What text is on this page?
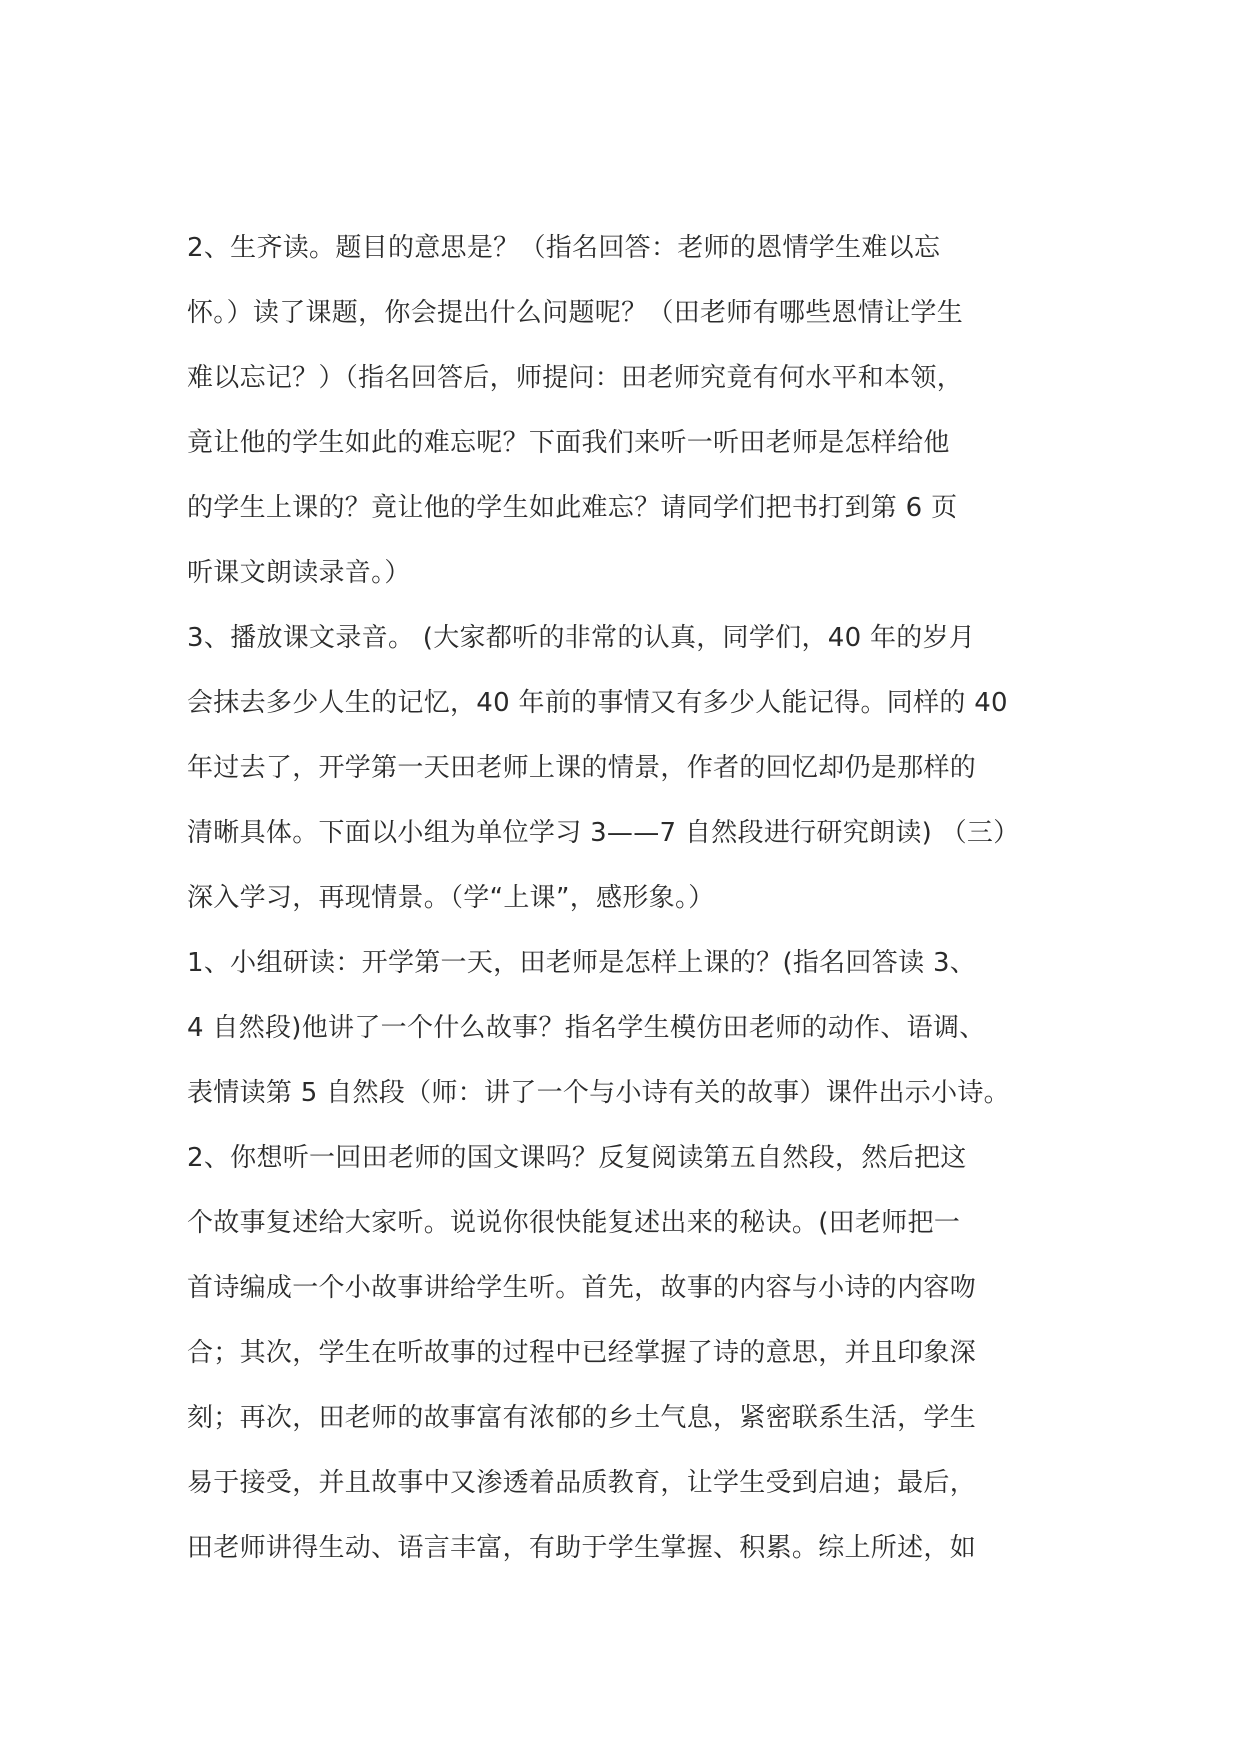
2、生齐读。题目的意思是？（指名回答：老师的恩情学生难以忘
怀。）读了课题，你会提出什么问题呢？（田老师有哪些恩情让学生
难以忘记？）（指名回答后，师提问：田老师究竟有何水平和本领，
竟让他的学生如此的难忘呢？下面我们来听一听田老师是怎样给他
的学生上课的？竟让他的学生如此难忘？请同学们把书打到第 6 页
听课文朗读录音。）
3、播放课文录音。 (大家都听的非常的认真，同学们，40 年的岁月
会抹去多少人生的记忆，40 年前的事情又有多少人能记得。同样的 40
年过去了，开学第一天田老师上课的情景，作者的回忆却仍是那样的
清晰具体。下面以小组为单位学习 3——7 自然段进行研究朗读) （三）
深入学习，再现情景。（学“上课”，感形象。）
1、小组研读：开学第一天，田老师是怎样上课的？(指名回答读 3、
4 自然段)他讲了一个什么故事？指名学生模仿田老师的动作、语调、
表情读第 5 自然段（师：讲了一个与小诗有关的故事）课件出示小诗。
2、你想听一回田老师的国文课吗？反复阅读第五自然段，然后把这
个故事复述给大家听。说说你很快能复述出来的秘诀。(田老师把一
首诗编成一个小故事讲给学生听。首先，故事的内容与小诗的内容吻
合；其次，学生在听故事的过程中已经掌握了诗的意思，并且印象深
刻；再次，田老师的故事富有浓郁的乡土气息，紧密联系生活，学生
易于接受，并且故事中又渗透着品质教育，让学生受到启迪；最后，
田老师讲得生动、语言丰富，有助于学生掌握、积累。综上所述，如
